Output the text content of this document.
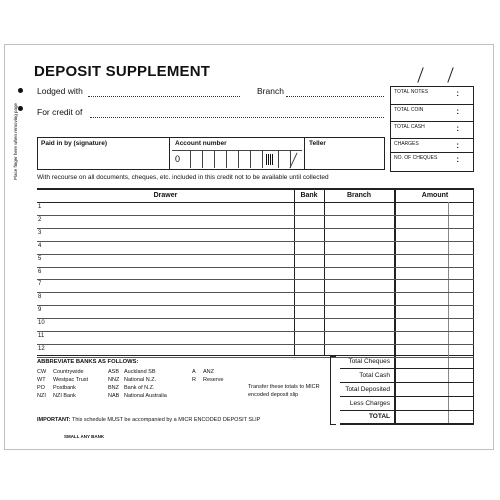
DEPOSIT SUPPLEMENT
Place finger here when removing page
Lodged with	Branch
For credit of
TOTAL NOTES	:
TOTAL COIN	:
TOTAL CASH	:
CHARGES	:
NO. OF CHEQUES :
Paid in by (signature)	Account number
0
Teller
With recourse on all documents, cheques, etc. included in this credit not to be available until collected
Drawer	Bank	Branch	Amount
1
2
3
4
5
6
7
8
9
10
11
12
ABBREVIATE BANKS AS FOLLOWS:
CW Countrywide
WT Westpac Trust
PO Postbank
NZI NZI Bank
ASB Auckland SB
NNZ National N.Z.
BNZ Bank of N.Z.
NAB National Australia
A ANZ
R Reserve
Transfer these totals to MICR encoded deposit slip
Total Cheques
Total Cash
Total Deposited
Less Charges
TOTAL
IMPORTANT: This schedule MUST be accompanied by a MICR ENCODED DEPOSIT SLIP
SMALL ANY BANK
